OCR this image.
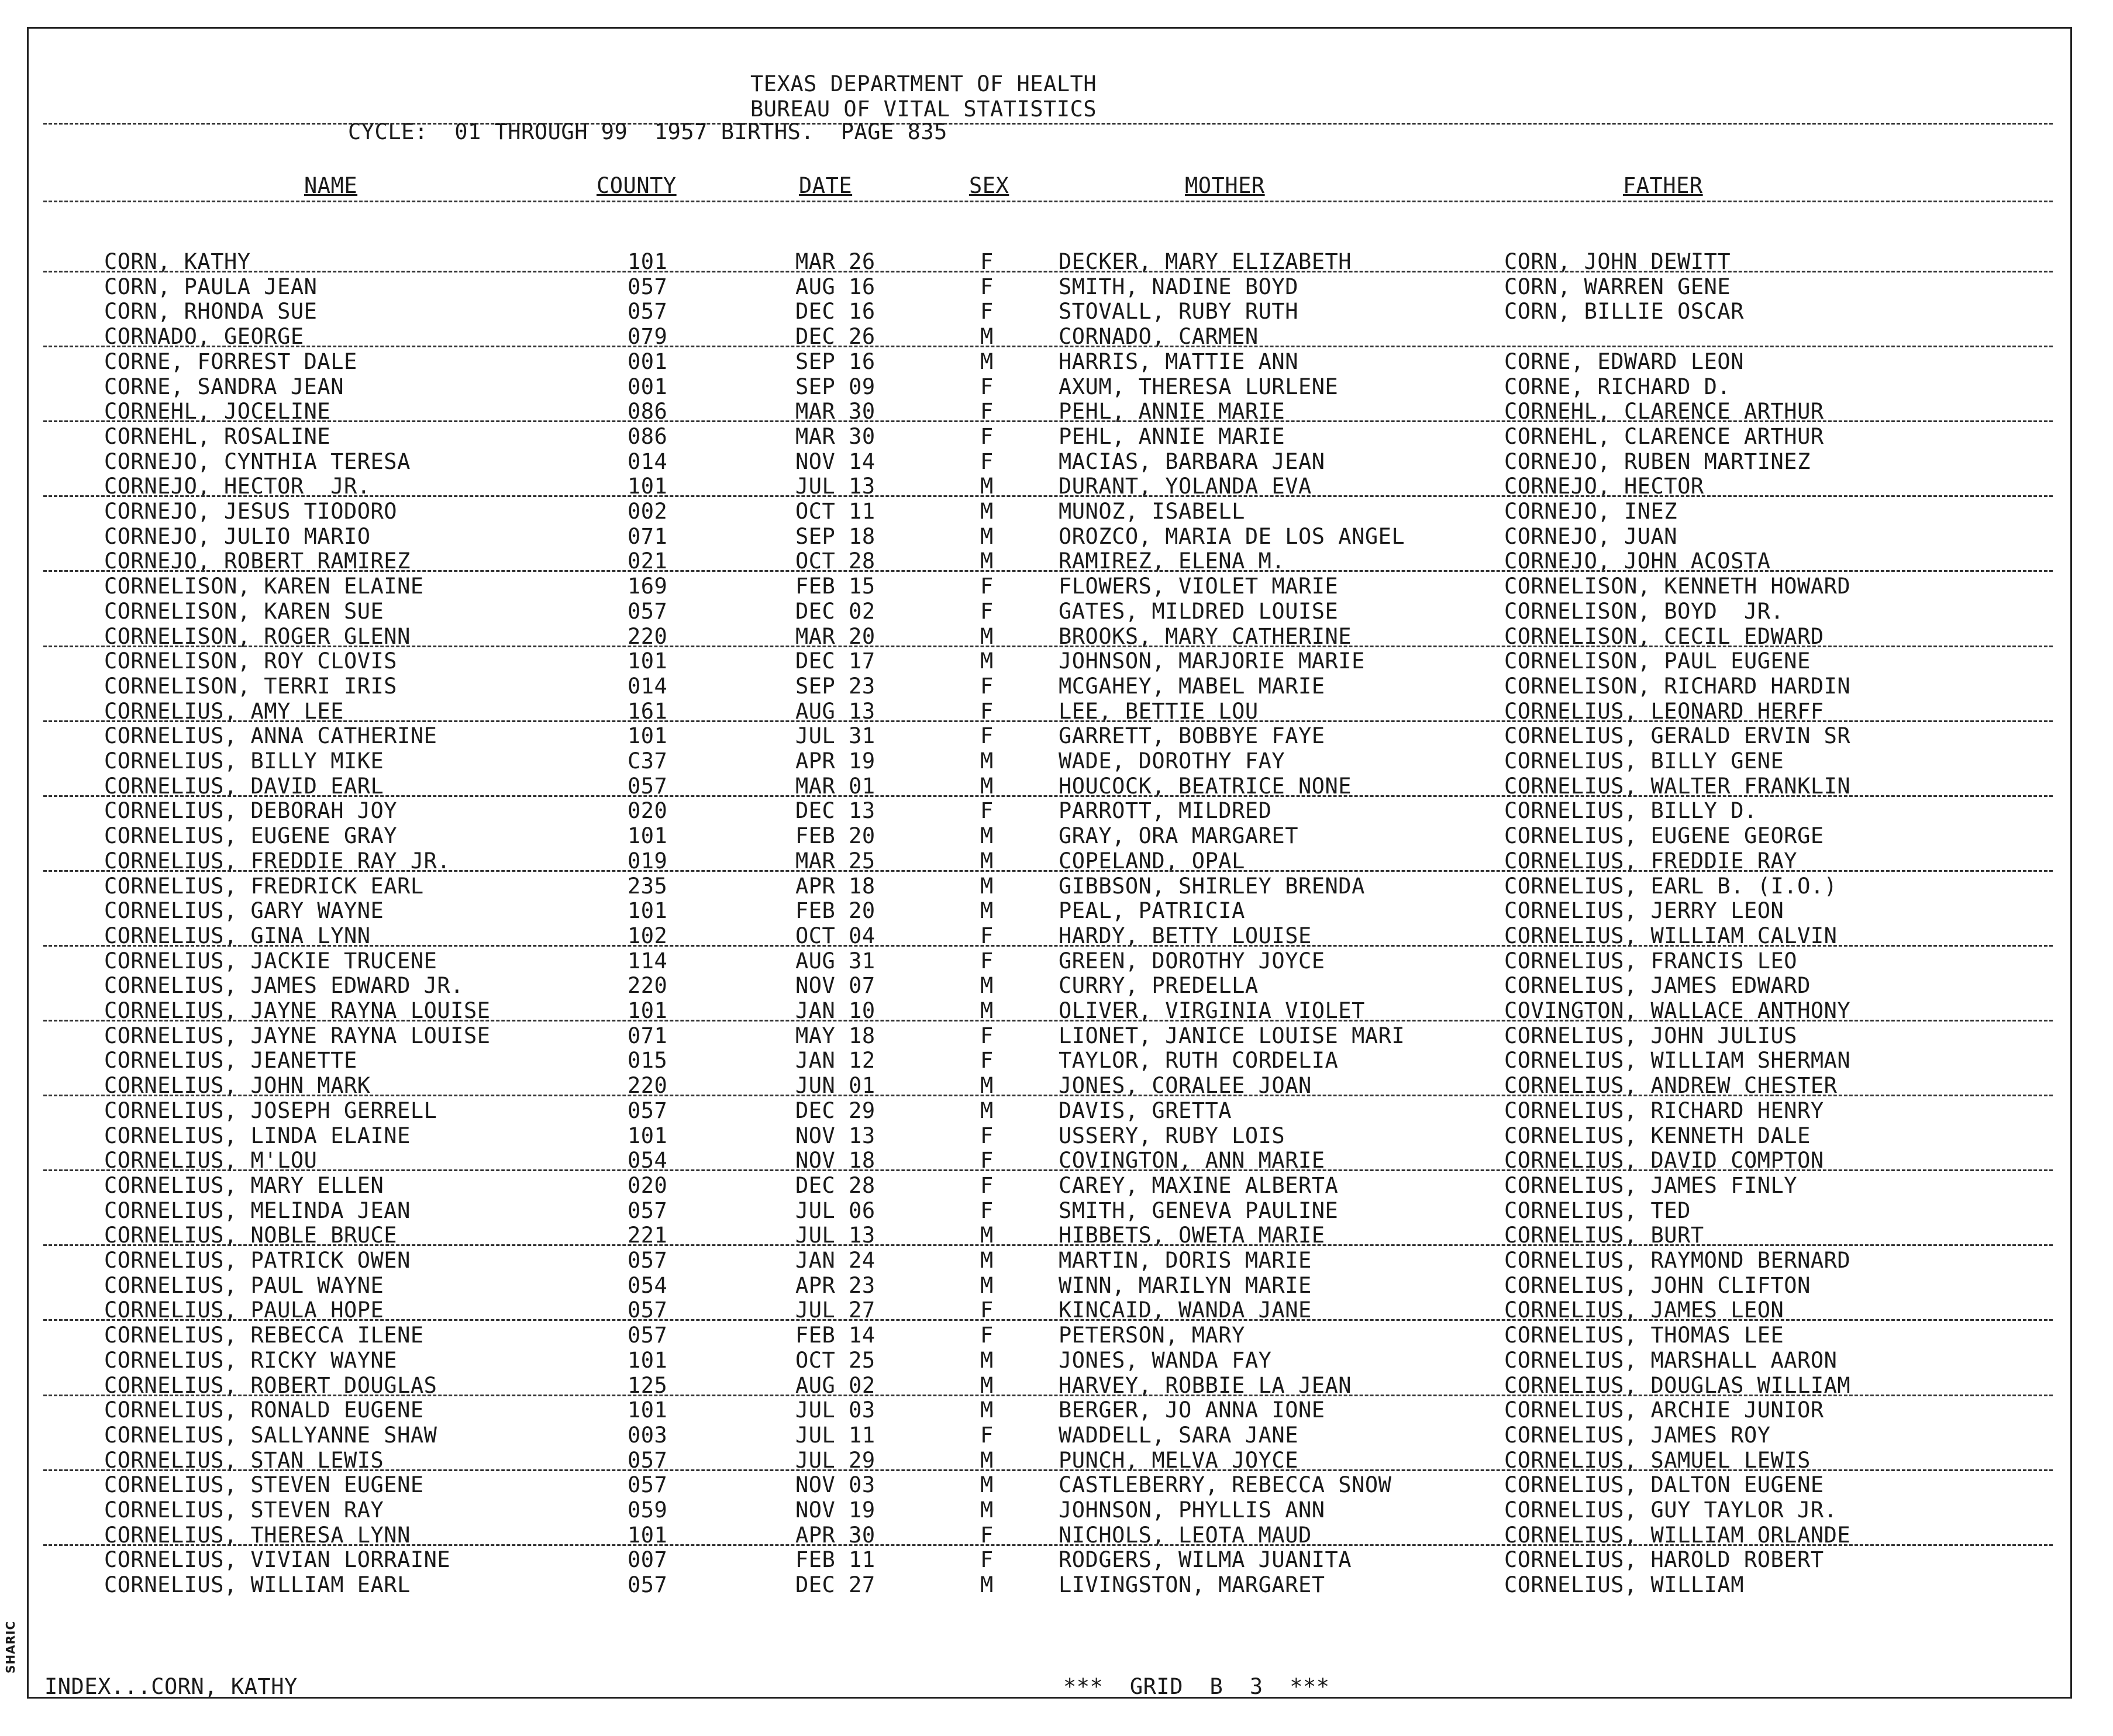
SHARIC
TEXAS DEPARTMENT OF HEALTH
BUREAU OF VITAL STATISTICS
CYCLE:  01 THROUGH 99  1957 BIRTHS.  PAGE 835
NAME	COUNTY	DATE	SEX	MOTHER	FATHER
CORN, KATHY	101	MAR 26	F	DECKER, MARY ELIZABETH	CORN, JOHN DEWITT
CORN, PAULA JEAN	057	AUG 16	F	SMITH, NADINE BOYD	CORN, WARREN GENE
CORN, RHONDA SUE	057	DEC 16	F	STOVALL, RUBY RUTH	CORN, BILLIE OSCAR
CORNADO, GEORGE	079	DEC 26	M	CORNADO, CARMEN
CORNE, FORREST DALE	001	SEP 16	M	HARRIS, MATTIE ANN	CORNE, EDWARD LEON
CORNE, SANDRA JEAN	001	SEP 09	F	AXUM, THERESA LURLENE	CORNE, RICHARD D.
CORNEHL, JOCELINE	086	MAR 30	F	PEHL, ANNIE MARIE	CORNEHL, CLARENCE ARTHUR
CORNEHL, ROSALINE	086	MAR 30	F	PEHL, ANNIE MARIE	CORNEHL, CLARENCE ARTHUR
CORNEJO, CYNTHIA TERESA	014	NOV 14	F	MACIAS, BARBARA JEAN	CORNEJO, RUBEN MARTINEZ
CORNEJO, HECTOR  JR.	101	JUL 13	M	DURANT, YOLANDA EVA	CORNEJO, HECTOR
CORNEJO, JESUS TIODORO	002	OCT 11	M	MUNOZ, ISABELL	CORNEJO, INEZ
CORNEJO, JULIO MARIO	071	SEP 18	M	OROZCO, MARIA DE LOS ANGEL	CORNEJO, JUAN
CORNEJO, ROBERT RAMIREZ	021	OCT 28	M	RAMIREZ, ELENA M.	CORNEJO, JOHN ACOSTA
CORNELISON, KAREN ELAINE	169	FEB 15	F	FLOWERS, VIOLET MARIE	CORNELISON, KENNETH HOWARD
CORNELISON, KAREN SUE	057	DEC 02	F	GATES, MILDRED LOUISE	CORNELISON, BOYD  JR.
CORNELISON, ROGER GLENN	220	MAR 20	M	BROOKS, MARY CATHERINE	CORNELISON, CECIL EDWARD
CORNELISON, ROY CLOVIS	101	DEC 17	M	JOHNSON, MARJORIE MARIE	CORNELISON, PAUL EUGENE
CORNELISON, TERRI IRIS	014	SEP 23	F	MCGAHEY, MABEL MARIE	CORNELISON, RICHARD HARDIN
CORNELIUS, AMY LEE	161	AUG 13	F	LEE, BETTIE LOU	CORNELIUS, LEONARD HERFF
CORNELIUS, ANNA CATHERINE	101	JUL 31	F	GARRETT, BOBBYE FAYE	CORNELIUS, GERALD ERVIN SR
CORNELIUS, BILLY MIKE	C37	APR 19	M	WADE, DOROTHY FAY	CORNELIUS, BILLY GENE
CORNELIUS, DAVID EARL	057	MAR 01	M	HOUCOCK, BEATRICE NONE	CORNELIUS, WALTER FRANKLIN
CORNELIUS, DEBORAH JOY	020	DEC 13	F	PARROTT, MILDRED	CORNELIUS, BILLY D.
CORNELIUS, EUGENE GRAY	101	FEB 20	M	GRAY, ORA MARGARET	CORNELIUS, EUGENE GEORGE
CORNELIUS, FREDDIE RAY JR.	019	MAR 25	M	COPELAND, OPAL	CORNELIUS, FREDDIE RAY
CORNELIUS, FREDRICK EARL	235	APR 18	M	GIBBSON, SHIRLEY BRENDA	CORNELIUS, EARL B. (I.O.)
CORNELIUS, GARY WAYNE	101	FEB 20	M	PEAL, PATRICIA	CORNELIUS, JERRY LEON
CORNELIUS, GINA LYNN	102	OCT 04	F	HARDY, BETTY LOUISE	CORNELIUS, WILLIAM CALVIN
CORNELIUS, JACKIE TRUCENE	114	AUG 31	F	GREEN, DOROTHY JOYCE	CORNELIUS, FRANCIS LEO
CORNELIUS, JAMES EDWARD JR.	220	NOV 07	M	CURRY, PREDELLA	CORNELIUS, JAMES EDWARD
CORNELIUS, JAYNE RAYNA LOUISE	101	JAN 10	M	OLIVER, VIRGINIA VIOLET	COVINGTON, WALLACE ANTHONY
CORNELIUS, JAYNE RAYNA LOUISE	071	MAY 18	F	LIONET, JANICE LOUISE MARI	CORNELIUS, JOHN JULIUS
CORNELIUS, JEANETTE	015	JAN 12	F	TAYLOR, RUTH CORDELIA	CORNELIUS, WILLIAM SHERMAN
CORNELIUS, JOHN MARK	220	JUN 01	M	JONES, CORALEE JOAN	CORNELIUS, ANDREW CHESTER
CORNELIUS, JOSEPH GERRELL	057	DEC 29	M	DAVIS, GRETTA	CORNELIUS, RICHARD HENRY
CORNELIUS, LINDA ELAINE	101	NOV 13	F	USSERY, RUBY LOIS	CORNELIUS, KENNETH DALE
CORNELIUS, M'LOU	054	NOV 18	F	COVINGTON, ANN MARIE	CORNELIUS, DAVID COMPTON
CORNELIUS, MARY ELLEN	020	DEC 28	F	CAREY, MAXINE ALBERTA	CORNELIUS, JAMES FINLY
CORNELIUS, MELINDA JEAN	057	JUL 06	F	SMITH, GENEVA PAULINE	CORNELIUS, TED
CORNELIUS, NOBLE BRUCE	221	JUL 13	M	HIBBETS, OWETA MARIE	CORNELIUS, BURT
CORNELIUS, PATRICK OWEN	057	JAN 24	M	MARTIN, DORIS MARIE	CORNELIUS, RAYMOND BERNARD
CORNELIUS, PAUL WAYNE	054	APR 23	M	WINN, MARILYN MARIE	CORNELIUS, JOHN CLIFTON
CORNELIUS, PAULA HOPE	057	JUL 27	F	KINCAID, WANDA JANE	CORNELIUS, JAMES LEON
CORNELIUS, REBECCA ILENE	057	FEB 14	F	PETERSON, MARY	CORNELIUS, THOMAS LEE
CORNELIUS, RICKY WAYNE	101	OCT 25	M	JONES, WANDA FAY	CORNELIUS, MARSHALL AARON
CORNELIUS, ROBERT DOUGLAS	125	AUG 02	M	HARVEY, ROBBIE LA JEAN	CORNELIUS, DOUGLAS WILLIAM
CORNELIUS, RONALD EUGENE	101	JUL 03	M	BERGER, JO ANNA IONE	CORNELIUS, ARCHIE JUNIOR
CORNELIUS, SALLYANNE SHAW	003	JUL 11	F	WADDELL, SARA JANE	CORNELIUS, JAMES ROY
CORNELIUS, STAN LEWIS	057	JUL 29	M	PUNCH, MELVA JOYCE	CORNELIUS, SAMUEL LEWIS
CORNELIUS, STEVEN EUGENE	057	NOV 03	M	CASTLEBERRY, REBECCA SNOW	CORNELIUS, DALTON EUGENE
CORNELIUS, STEVEN RAY	059	NOV 19	M	JOHNSON, PHYLLIS ANN	CORNELIUS, GUY TAYLOR JR.
CORNELIUS, THERESA LYNN	101	APR 30	F	NICHOLS, LEOTA MAUD	CORNELIUS, WILLIAM ORLANDE
CORNELIUS, VIVIAN LORRAINE	007	FEB 11	F	RODGERS, WILMA JUANITA	CORNELIUS, HAROLD ROBERT
CORNELIUS, WILLIAM EARL	057	DEC 27	M	LIVINGSTON, MARGARET	CORNELIUS, WILLIAM
INDEX...CORN, KATHY	***  GRID  B  3  ***
